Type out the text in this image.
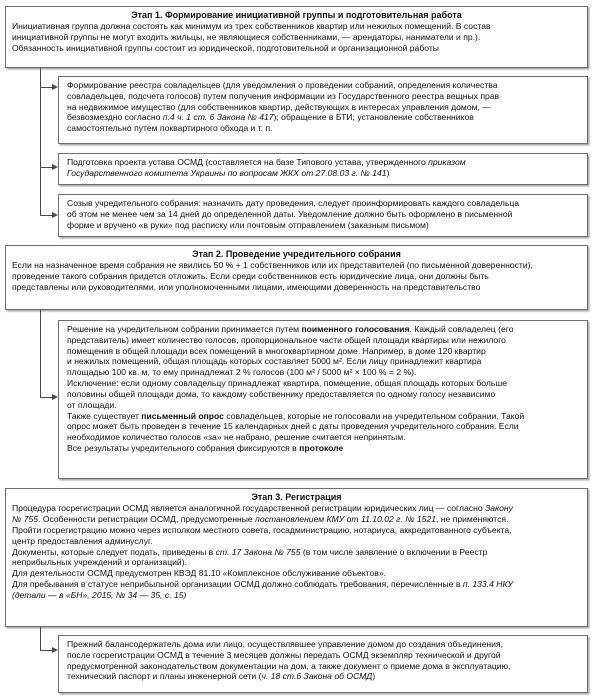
Этап 1. Формирование инициативной группы и подготовительная работа

Инициативная группа должна состоять как минимум из трех собственников квартир или нежилых помещений. В состав

инициативной группы не могут входить жильцы, не являющиеся собственниками, — арендаторы, наниматели и пр.).

Обязанность инициативной группы состоит из юридической, подготовительной и организационной работы

Формирование реестра совладельцев (для уведомления о проведении собраний, определения количества

совладельцев, подсчета голосов) путем получения информации из Государственного реестра вещных прав

на недвижимое имущество (для собственников квартир, действующих в интересах управления домом, —

безвозмездно согласно п.4 ч. 1 ст. 6 Закона № 417); обращение в БТИ; установление собственников

самостоятельно путем поквартирного обхода и т. п.

Подготовка проекта устава ОСМД (составляется на базе Типового устава, утвержденного приказом

Государственного комитета Украины по вопросам ЖКХ от 27.08.03 г. № 141)

Созыв учредительного собрания: назначить дату проведения, следует проинформировать каждого совладельца

об этом не менее чем за 14 дней до определенной даты. Уведомление должно быть оформлено в письменной

форме и вручено «в руки» под расписку или почтовым отправлением (заказным письмом)

Этап 2. Проведение учредительного собрания

Если на назначенное время собрания не явились 50 % + 1 собственников или их представителей (по письменной доверенности),

проведение такого собрания придется отложить. Если среди собственников есть юридические лица, они должны быть

представлены или руководителями, или уполномоченными лицами, имеющими доверенность на представительство

Решение на учредительном собрании принимается путем поименного голосования. Каждый совладелец (его

представитель) имеет количество голосов, пропорциональное части общей площади квартиры или нежилого

помещения в общей площади всех помещений в многоквартирном доме. Например, в доме 120 квартир

и нежилых помещений, общая площадь которых составляет 5000 м². Если лицу принадлежит квартира

площадью 100 кв. м, то ему принадлежат 2 % голосов (100 м² / 5000 м² × 100 % = 2 %).

Исключение: если одному совладельцу принадлежат квартира, помещение, общая площадь которых больше

половины общей площади дома, то каждому собственнику предоставляется по одному голосу независимо

от площади.

Также существует письменный опрос совладельцев, которые не голосовали на учредительном собрании. Такой

опрос может быть проведен в течение 15 календарных дней с даты проведения учредительного собрания. Если

необходимое количество голосов «за» не набрано, решение считается непринятым.

Все результаты учредительного собрания фиксируются в протоколе

Этап 3. Регистрация

Процедура госрегистрации ОСМД является аналогичной государственной регистрации юридических лиц — согласно Закону

№ 755. Особенности регистрации ОСМД, предусмотренные постановлением КМУ от 11.10.02 г. № 1521, не применяются.

Пройти госрегистрацию можно через исполком местного совета, госадминистрацию, нотариуса, аккредитованного субъекта,

центр предоставления админуслуг.

Документы, которые следует подать, приведены в ст. 17 Закона № 755 (в том числе заявление о включении в Реестр

неприбыльных учреждений и организаций).

Для деятельности ОСМД предусмотрен КВЭД 81.10 «Комплексное обслуживание объектов».

Для пребывания в статусе неприбыльной организации ОСМД должно соблюдать требования, перечисленные в п. 133.4 НКУ

(детали — в «БН», 2015, № 34 — 35, с. 15)

Прежний балансодержатель дома или лицо, осуществлявшее управление домом до создания объединения,

после госрегистрации ОСМД в течение 3 месяцев должны передать ОСМД экземпляр технической и другой

предусмотренной законодательством документации на дом, а также документ о приеме дома в эксплуатацию,

технический паспорт и планы инженерной сети (ч. 18 ст.6 Закона об ОСМД)
